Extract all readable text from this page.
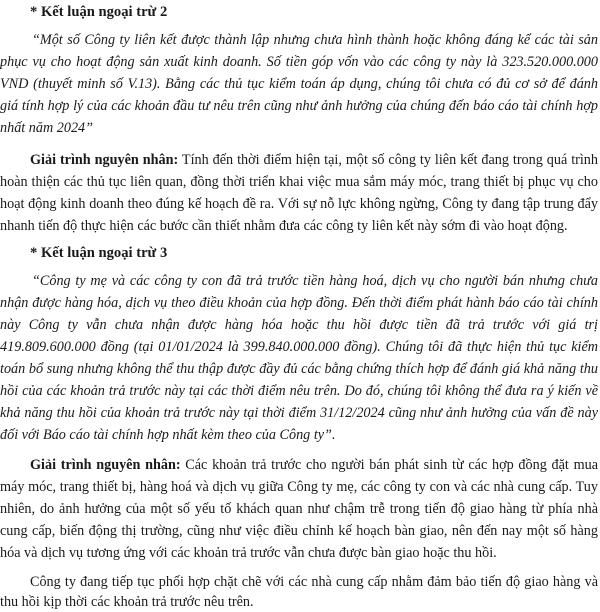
* Kết luận ngoại trừ 2
“Một số Công ty liên kết được thành lập nhưng chưa hình thành hoặc không đáng kể các tài sản
phục vụ cho hoạt động sản xuất kinh doanh. Số tiền góp vốn vào các công ty này là 323.520.000.000
VND (thuyết minh số V.13). Bằng các thủ tục kiểm toán áp dụng, chúng tôi chưa có đủ cơ sở để đánh
giá tính hợp lý của các khoản đầu tư nêu trên cũng như ảnh hưởng của chúng đến báo cáo tài chính hợp
nhất năm 2024”
Giải trình nguyên nhân: Tính đến thời điểm hiện tại, một số công ty liên kết đang trong quá trình
hoàn thiện các thủ tục liên quan, đồng thời triển khai việc mua sắm máy móc, trang thiết bị phục vụ cho
hoạt động kinh doanh theo đúng kế hoạch đề ra. Với sự nỗ lực không ngừng, Công ty đang tập trung đẩy
nhanh tiến độ thực hiện các bước cần thiết nhằm đưa các công ty liên kết này sớm đi vào hoạt động.
* Kết luận ngoại trừ 3
“Công ty mẹ và các công ty con đã trả trước tiền hàng hoá, dịch vụ cho người bán nhưng chưa
nhận được hàng hóa, dịch vụ theo điều khoản của hợp đồng. Đến thời điểm phát hành báo cáo tài chính
này Công ty vẫn chưa nhận được hàng hóa hoặc thu hồi được tiền đã trả trước với giá trị
419.809.600.000 đồng (tại 01/01/2024 là 399.840.000.000 đồng). Chúng tôi đã thực hiện thủ tục kiểm
toán bổ sung nhưng không thể thu thập được đầy đủ các bằng chứng thích hợp để đánh giá khả năng thu
hồi của các khoản trả trước này tại các thời điểm nêu trên. Do đó, chúng tôi không thể đưa ra ý kiến về
khả năng thu hồi của khoản trả trước này tại thời điểm 31/12/2024 cũng như ảnh hưởng của vấn đề này
đối với Báo cáo tài chính hợp nhất kèm theo của Công ty”.
Giải trình nguyên nhân: Các khoản trả trước cho người bán phát sinh từ các hợp đồng đặt mua
máy móc, trang thiết bị, hàng hoá và dịch vụ giữa Công ty mẹ, các công ty con và các nhà cung cấp. Tuy
nhiên, do ảnh hưởng của một số yếu tố khách quan như chậm trễ trong tiến độ giao hàng từ phía nhà
cung cấp, biến động thị trường, cũng như việc điều chỉnh kế hoạch bàn giao, nên đến nay một số hàng
hóa và dịch vụ tương ứng với các khoản trả trước vẫn chưa được bàn giao hoặc thu hồi.
Công ty đang tiếp tục phối hợp chặt chẽ với các nhà cung cấp nhằm đảm bảo tiến độ giao hàng và
thu hồi kịp thời các khoản trả trước nêu trên.
